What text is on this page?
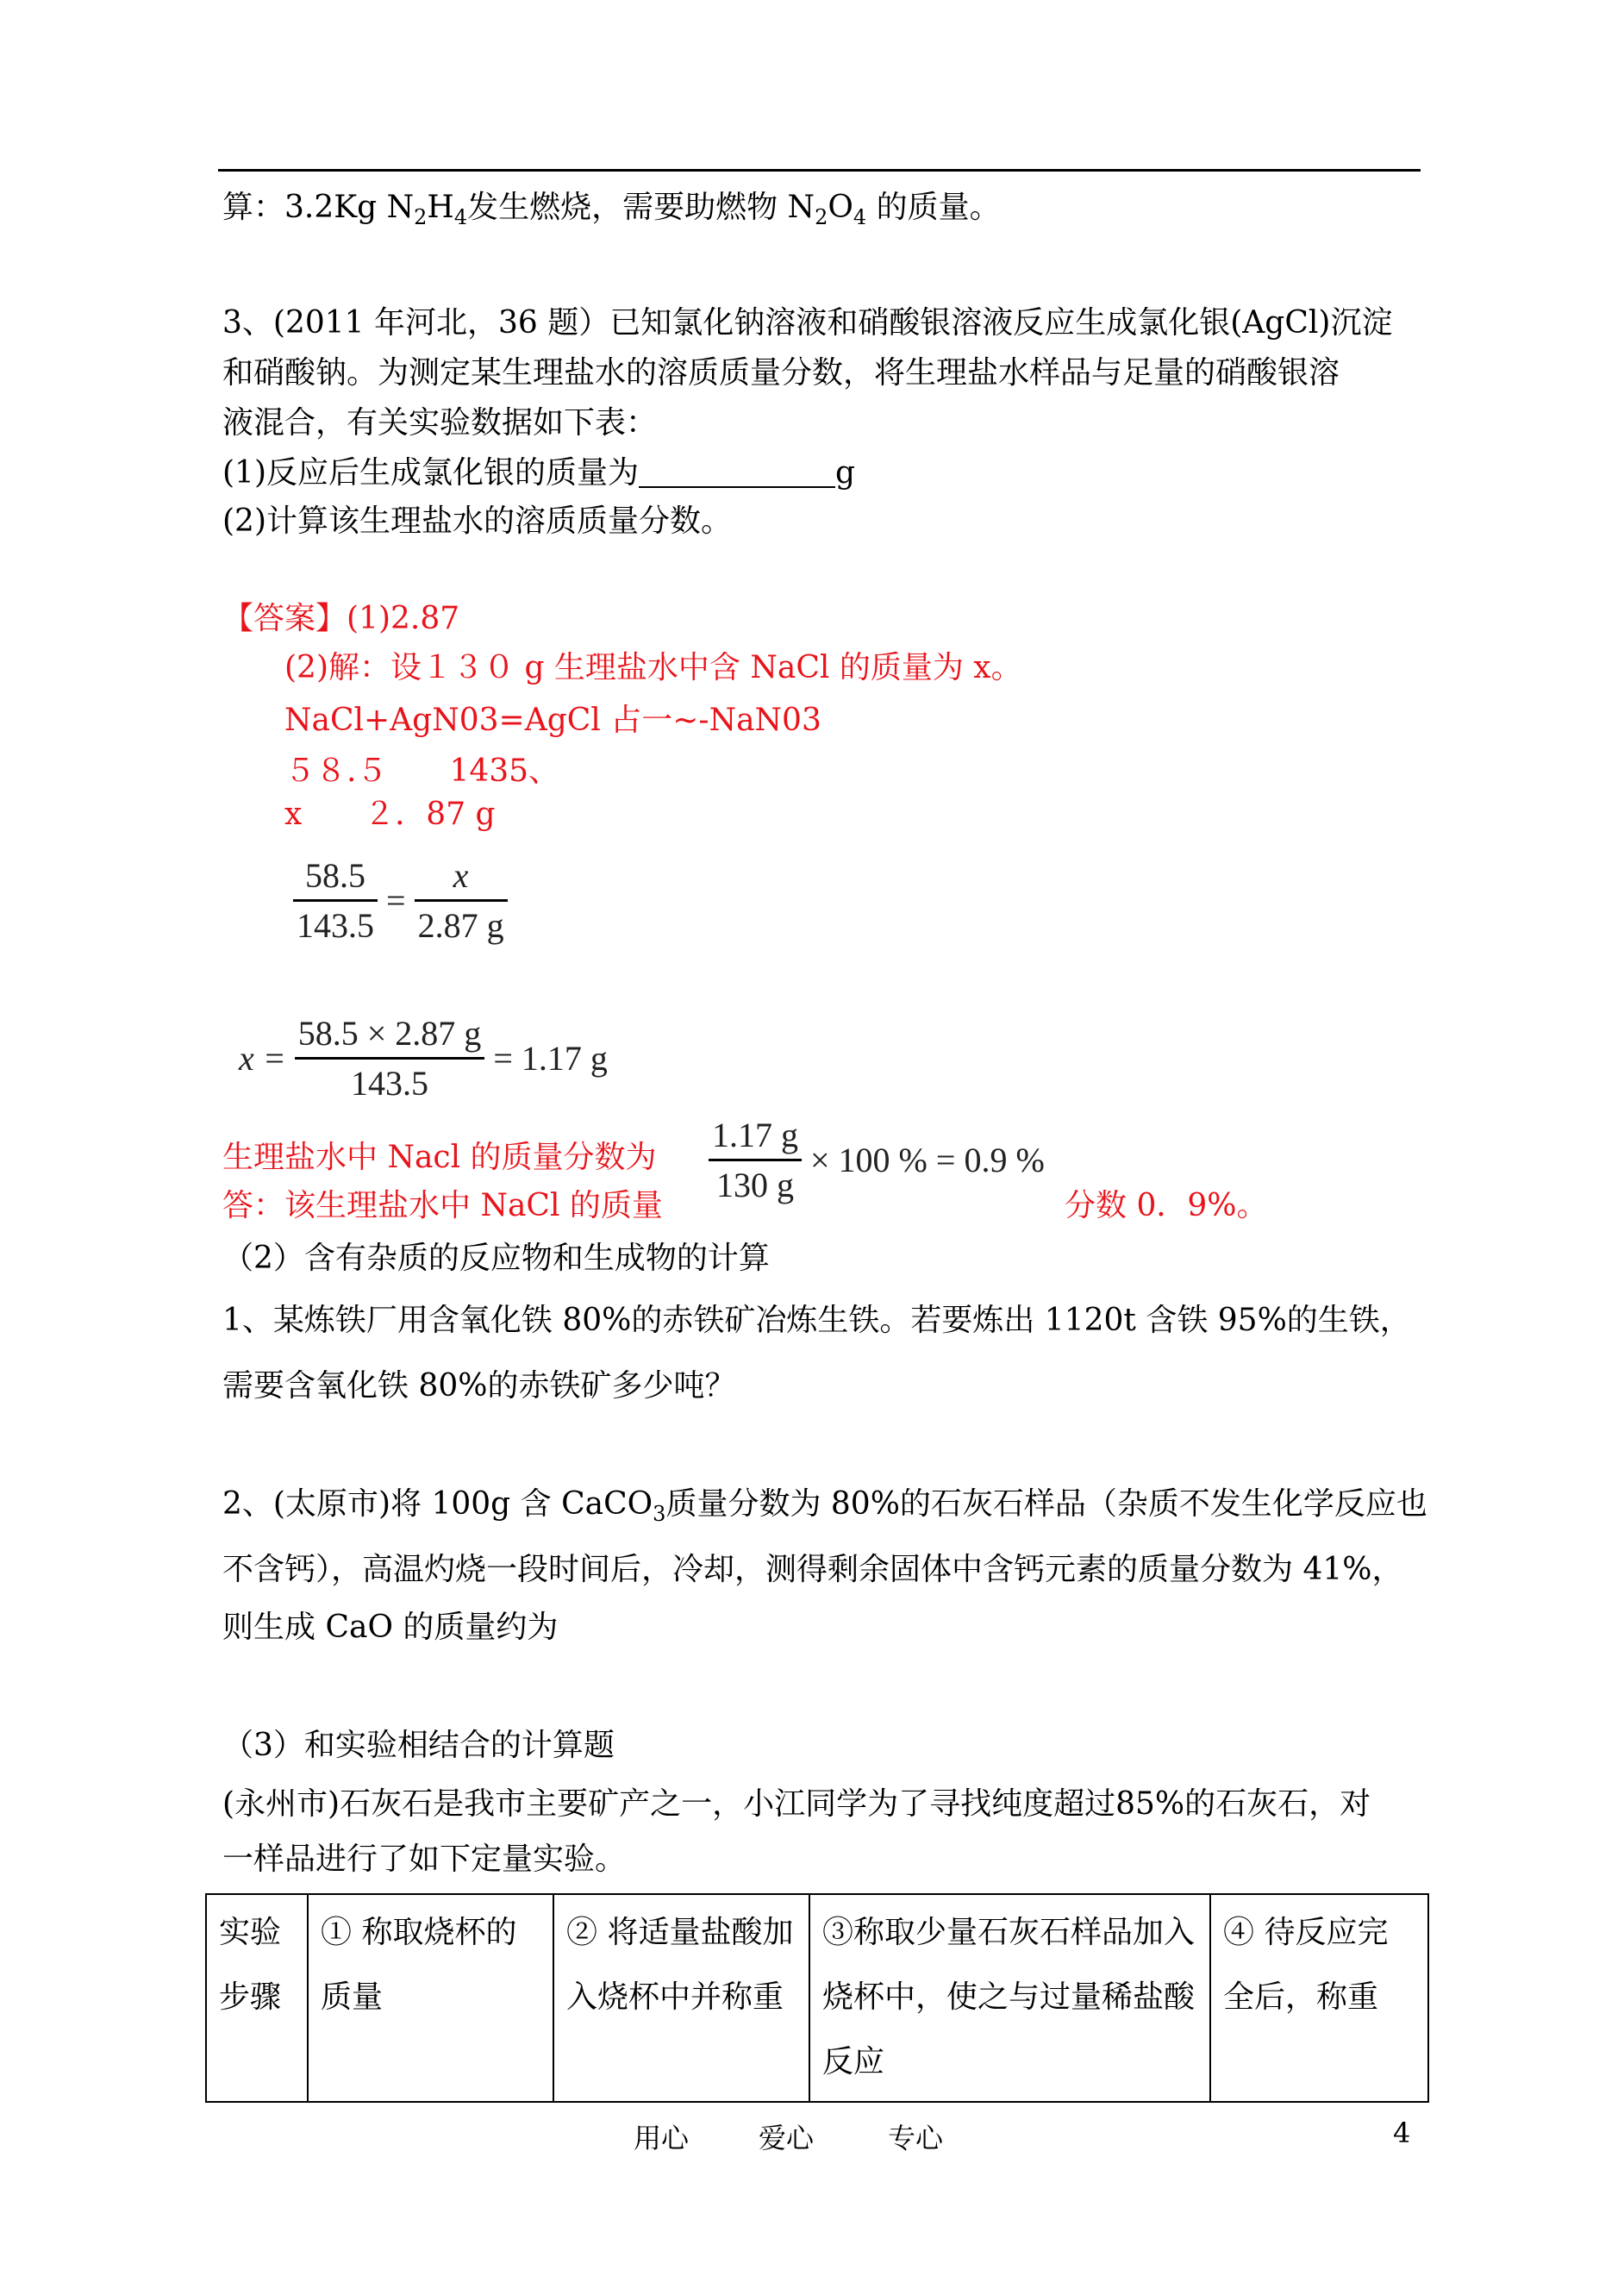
算：3.2Kg $N_2H_4$发生燃烧，需要助燃物 $N_2O_4$ 的质量。
3、(2011 年河北，36 题）已知氯化钠溶液和硝酸银溶液反应生成氯化银(AgCl)沉淀
和硝酸钠。为测定某生理盐水的溶质质量分数，将生理盐水样品与足量的硝酸银溶
液混合，有关实验数据如下表：
(1)反应后生成氯化银的质量为	g
(2)计算该生理盐水的溶质质量分数。
【答案】(1)2.87
(2)解：设１３０ g 生理盐水中含 NaCl 的质量为 x。
NaCl+AgN03=AgCl 占一~-NaN03
５８.５　　1435、
x　　２．87 g
$\frac{58.5}{143.5} = \frac{x}{2.87 g}$
$x = \frac{58.5 \times 2.87 g}{143.5} = 1.17$ g
生理盐水中 Nacl 的质量分数为 $\frac{1.17 g}{130 g} \times 100$ % = 0.9 %
答：该生理盐水中 NaCl 的质量	分数 0．9%。
（2）含有杂质的反应物和生成物的计算
1、某炼铁厂用含氧化铁 80%的赤铁矿冶炼生铁。若要炼出 1120t 含铁 95%的生铁，
需要含氧化铁 80%的赤铁矿多少吨？
2、(太原市)将 100g 含 CaCO$_3$质量分数为 80%的石灰石样品（杂质不发生化学反应也
不含钙），高温灼烧一段时间后，冷却，测得剩余固体中含钙元素的质量分数为 41%，
则生成 CaO 的质量约为
（3）和实验相结合的计算题
(永州市)石灰石是我市主要矿产之一，小江同学为了寻找纯度超过85%的石灰石，对
一样品进行了如下定量实验。
实验步骤	① 称取烧杯的质量	② 将适量盐酸加入烧杯中并称重	③称取少量石灰石样品加入烧杯中，使之与过量稀盐酸反应	④ 待反应完全后，称重
用心	爱心	专心	4
